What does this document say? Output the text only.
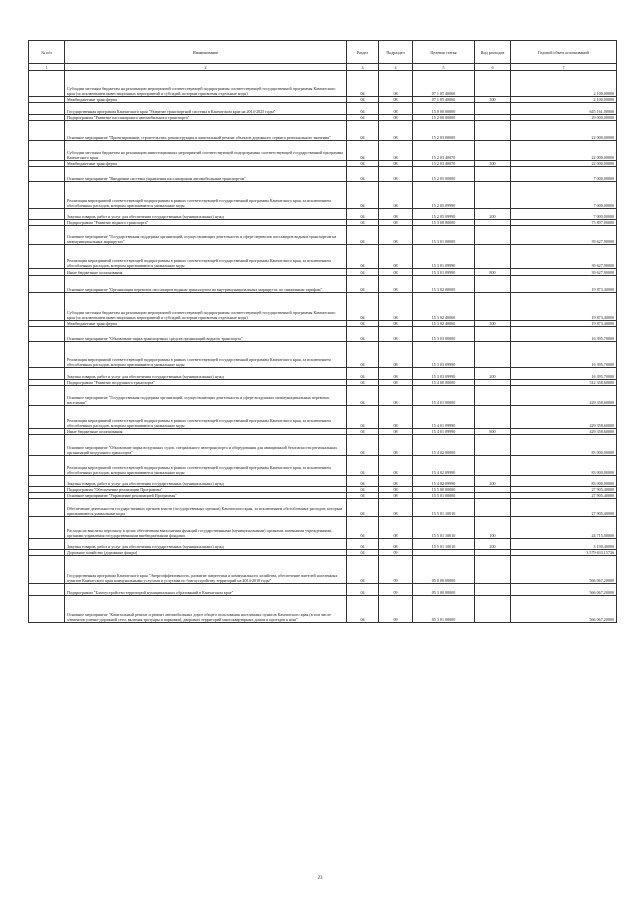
№ п/п	Наименование	Раздел	Подраздел	Целевая статья	Вид расходов	Годовой объем ассигнований
1	2	3	4	5	6	7
	Субсидии местным бюджетам на реализацию мероприятий соответствующей подпрограммы соответствующей государственной программы Камчатского края (за исключением инвестиционных мероприятий и субсидий, которым присвоены отдельные коды)	04	08	07 1 05 40060		2 100,00000
	Межбюджетные трансферты	04	08	07 1 05 40060	500	2 100,00000
	Государственная программа Камчатского края "Развитие транспортной системы в Камчатском крае на 2014-2025 годы"	04	08	15 0 00 00000		645 161,00000
	Подпрограмма "Развитие пассажирского автомобильного транспорта"	04	08	15 2 00 00000		29 000,00000
	Основное мероприятие "Проектирование, строительство, реконструкция и капитальный ремонт объектов дорожного сервиса регионального значения"	04	08	15 2 03 00000		22 000,00000
	Субсидии местным бюджетам на реализацию инвестиционных мероприятий соответствующей подпрограммы соответствующей государственной программы Камчатского края	04	08	15 2 03 40070		22 000,00000
	Межбюджетные трансферты	04	08	15 2 03 40070	500	22 000,00000
	Основное мероприятие "Внедрение системы управления пассажирским автомобильным транспортом"	04	08	15 2 05 00000		7 000,00000
	Реализация мероприятий соответствующей подпрограммы в рамках соответствующей государственной программы Камчатского края, за исключением обособленных расходов, которым присваиваются уникальные коды	04	08	15 2 05 09990		7 000,00000
	Закупка товаров, работ и услуг для обеспечения государственных (муниципальных) нужд	04	08	15 2 05 09990	200	7 000,00000
	Подпрограмма "Развитие водного транспорта"	04	08	15 3 00 00000		75 897,00000
	Основное мероприятие "Государственная поддержка организаций, осуществляющих деятельность в сфере перевозок пассажиров водным транспортом на межмуниципальных маршрутах"	04	08	15 3 01 00000		39 627,90000
	Реализация мероприятий соответствующей подпрограммы в рамках соответствующей государственной программы Камчатского края, за исключением обособленных расходов, которым присваиваются уникальные коды	04	08	15 3 01 09990		39 627,90000
	Иные бюджетные ассигнования	04	08	15 3 01 09990	800	39 627,90000
	Основное мероприятие "Организация перевозок пассажиров водным транспортом на внутримуниципальных маршрутах по сниженным тарифам"	04	08	15 3 02 00000		19 873,40000
	Субсидии местным бюджетам на реализацию мероприятий соответствующей подпрограммы соответствующей государственной программы Камчатского края (за исключением инвестиционных мероприятий и субсидий, которым присвоены отдельные коды)	04	08	15 3 02 40060		19 873,40000
	Межбюджетные трансферты	04	08	15 3 02 40060	500	19 873,40000
	Основное мероприятие "Обновление парка транспортных средств организаций водного транспорта"	04	08	15 3 03 00000		16 395,70000
	Реализация мероприятий соответствующей подпрограммы в рамках соответствующей государственной программы Камчатского края, за исключением обособленных расходов, которым присваиваются уникальные коды	04	08	15 3 03 09990		16 395,70000
	Закупка товаров, работ и услуг для обеспечения государственных (муниципальных) нужд	04	08	15 3 03 09990	200	16 395,70000
	Подпрограмма "Развитие воздушного транспорта"	04	08	15 4 00 00000		512 358,60000
	Основное мероприятие "Государственная поддержка организаций, осуществляющих деятельность в сфере воздушных межмуниципальных перевозок населения"	04	08	15 4 01 00000		429 358,60000
	Реализация мероприятий соответствующей подпрограммы в рамках соответствующей государственной программы Камчатского края, за исключением обособленных расходов, которым присваиваются уникальные коды	04	08	15 4 01 09990		429 358,60000
	Иные бюджетные ассигнования	04	08	15 4 01 09990	800	429 358,60000
	Основное мероприятие "Обновление парка воздушных судов, специального автотранспорта и оборудования для авиационной безопасности региональных организаций воздушного транспорта"	04	08	15 4 02 00000		83 000,00000
	Реализация мероприятий соответствующей подпрограммы в рамках соответствующей государственной программы Камчатского края, за исключением обособленных расходов, которым присваиваются уникальные коды	04	08	15 4 02 09990		83 000,00000
	Закупка товаров, работ и услуг для обеспечения государственных (муниципальных) нужд	04	08	15 4 02 09990	200	83 000,00000
	Подпрограмма "Обеспечение реализации Программы"	04	08	15 5 00 00000		27 905,40000
	Основное мероприятие "Управление реализацией Программы"	04	08	15 5 01 00000		27 905,40000
	Обеспечение деятельности государственных органов власти (государственных органов) Камчатского края, за исключением обособленных расходов, которым присваиваются уникальные коды	04	08	15 5 01 10010		27 905,40000
	Расходы на выплаты персоналу в целях обеспечения выполнения функций государственными (муниципальными) органами, казенными учреждениями, органами управления государственными внебюджетными фондами	04	08	15 5 01 10010	100	24 715,00000
	Закупка товаров, работ и услуг для обеспечения государственных (муниципальных) нужд	04	08	15 5 01 10010	200	3 190,40000
	Дорожное хозяйство (дорожные фонды)	04	09			3 579 633,15736
	Государственная программа Камчатского края "Энергоэффективность, развитие энергетики и коммунального хозяйства, обеспечение жителей населенных пунктов Камчатского края коммунальными услугами и услугами по благоустройству территорий на 2014-2018 годы"	04	09	05 0 00 00000		566 067,20000
	Подпрограмма "Благоустройство территорий муниципальных образований в Камчатском крае"	04	09	05 3 00 00000		566 067,20000
	Основное мероприятие "Капитальный ремонт и ремонт автомобильных дорог общего пользования населенных пунктов Камчатского края (в том числе элементов улично-дорожной сети, включая тротуары и парковки), дворовых территорий многоквартирных домов и проездов к ним"	04	09	05 3 01 00000		566 067,20000
23
